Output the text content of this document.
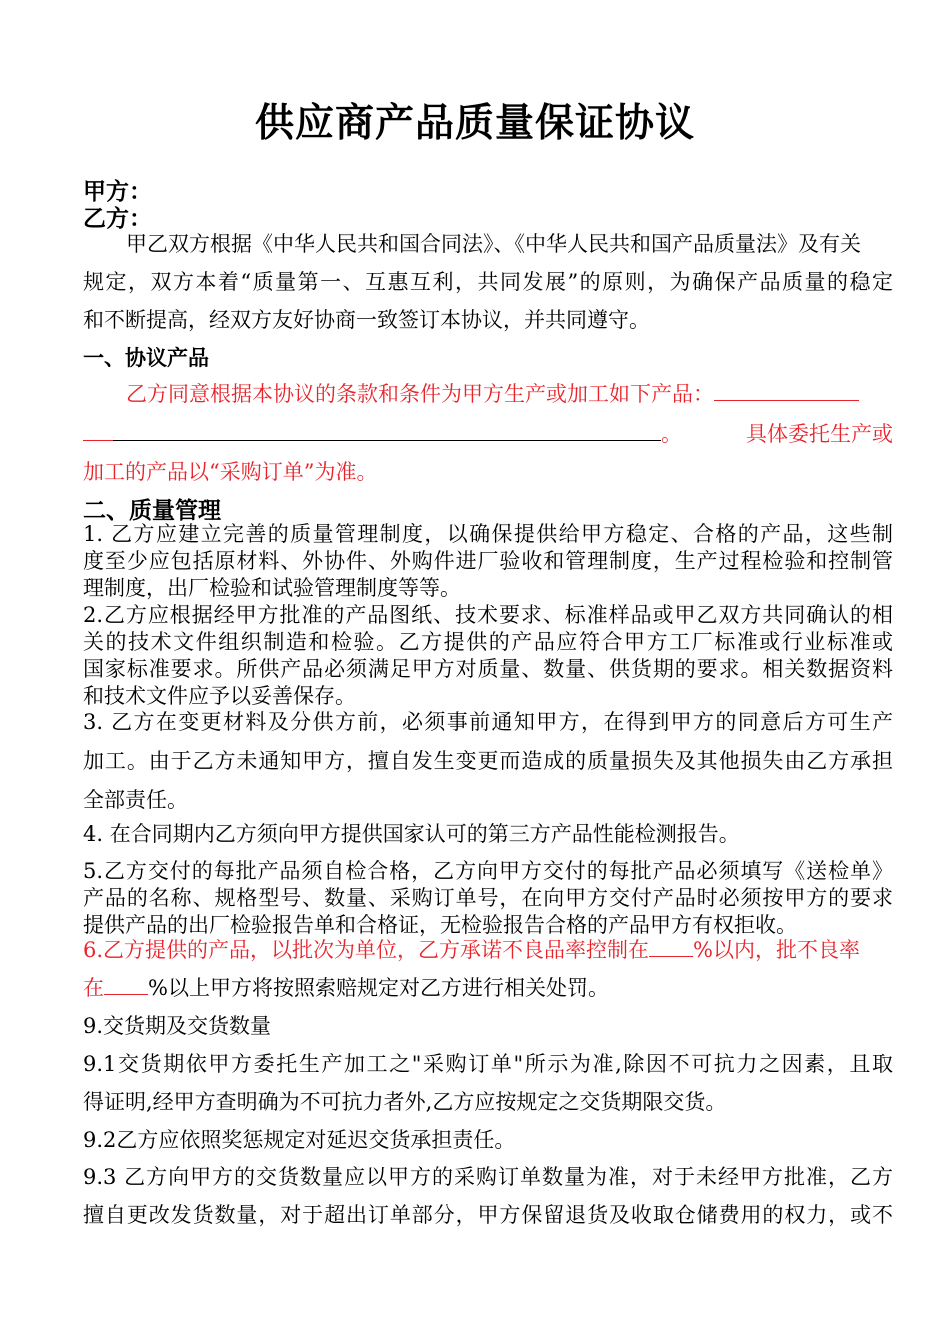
供应商产品质量保证协议
甲方：
乙方：
甲乙双方根据《中华人民共和国合同法》、《中华人民共和国产品质量法》及有关
规定，双方本着“质量第一、互惠互利，共同发展”的原则，为确保产品质量的稳定
和不断提高，经双方友好协商一致签订本协议，并共同遵守。
一、协议产品
乙方同意根据本协议的条款和条件为甲方生产或加工如下产品：
。	具体委托生产或
加工的产品以“采购订单”为准。
二、质量管理
1. 乙方应建立完善的质量管理制度，以确保提供给甲方稳定、合格的产品，这些制
度至少应包括原材料、外协件、外购件进厂验收和管理制度，生产过程检验和控制管
理制度，出厂检验和试验管理制度等等。
2.乙方应根据经甲方批准的产品图纸、技术要求、标准样品或甲乙双方共同确认的相
关的技术文件组织制造和检验。乙方提供的产品应符合甲方工厂标准或行业标准或
国家标准要求。所供产品必须满足甲方对质量、数量、供货期的要求。相关数据资料
和技术文件应予以妥善保存。
3. 乙方在变更材料及分供方前，必须事前通知甲方，在得到甲方的同意后方可生产
加工。由于乙方未通知甲方，擅自发生变更而造成的质量损失及其他损失由乙方承担
全部责任。
4. 在合同期内乙方须向甲方提供国家认可的第三方产品性能检测报告。
5.乙方交付的每批产品须自检合格，乙方向甲方交付的每批产品必须填写《送检单》
产品的名称、规格型号、数量、采购订单号，在向甲方交付产品时必须按甲方的要求
提供产品的出厂检验报告单和合格证，无检验报告合格的产品甲方有权拒收。
6.乙方提供的产品，以批次为单位，乙方承诺不良品率控制在 %以内，批不良率
在 %以上甲方将按照索赔规定对乙方进行相关处罚。
9.交货期及交货数量
9.1交货期依甲方委托生产加工之"采购订单"所示为准,除因不可抗力之因素，且取
得证明,经甲方查明确为不可抗力者外,乙方应按规定之交货期限交货。
9.2乙方应依照奖惩规定对延迟交货承担责任。
9.3 乙方向甲方的交货数量应以甲方的采购订单数量为准，对于未经甲方批准，乙方
擅自更改发货数量，对于超出订单部分，甲方保留退货及收取仓储费用的权力，或不
